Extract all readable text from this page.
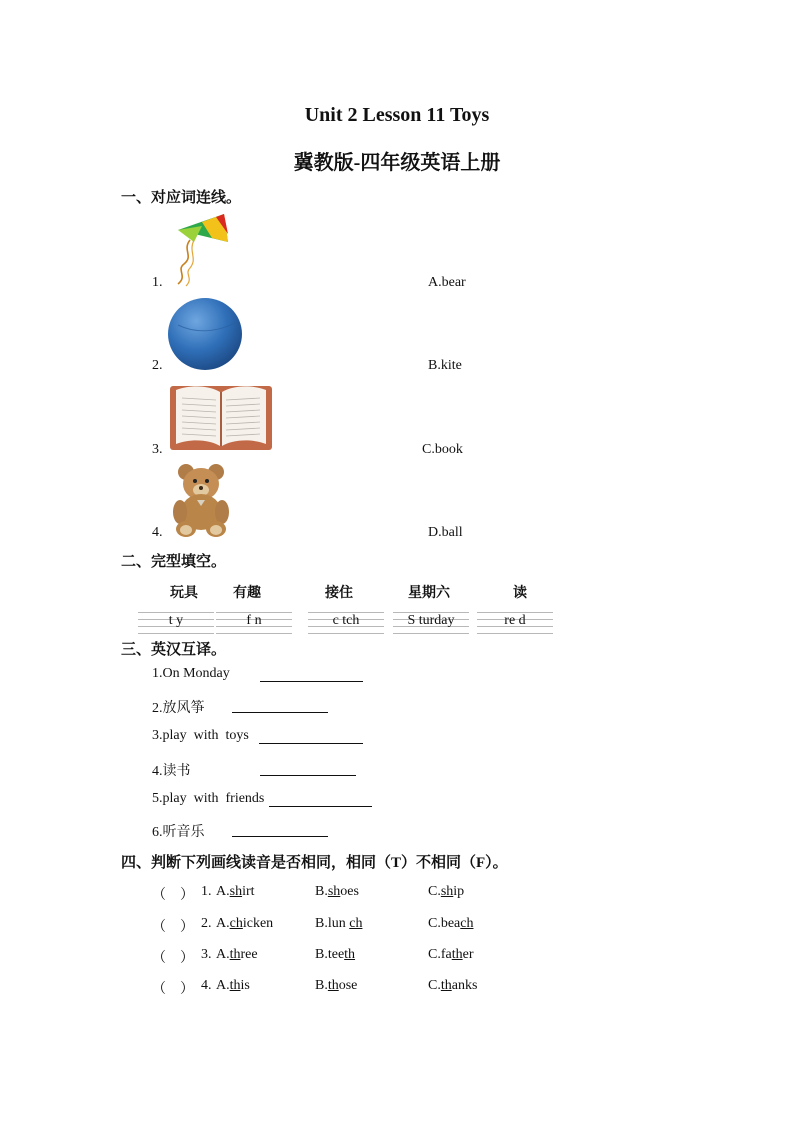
Unit 2 Lesson 11 Toys
冀教版-四年级英语上册
一、对应词连线。
1.	A.bear
2.	B.kite
3.	C.book
4.	D.ball
二、完型填空。
玩具	有趣	接住	星期六	读
t y	f n	c tch	S turday	re d
三、英汉互译。
1.On Monday
2.放风筝
3.play  with  toys
4.读书
5.play  with  friends
6.听音乐
四、判断下列画线读音是否相同，相同（T）不相同（F）。
（    ） 1. A.shirt	B.shoes	C.ship
（    ） 2. A.chicken	B.lun ch	C.beach
（    ） 3. A.three	B.teeth	C.father
（    ） 4. A.this	B.those	C.thanks
